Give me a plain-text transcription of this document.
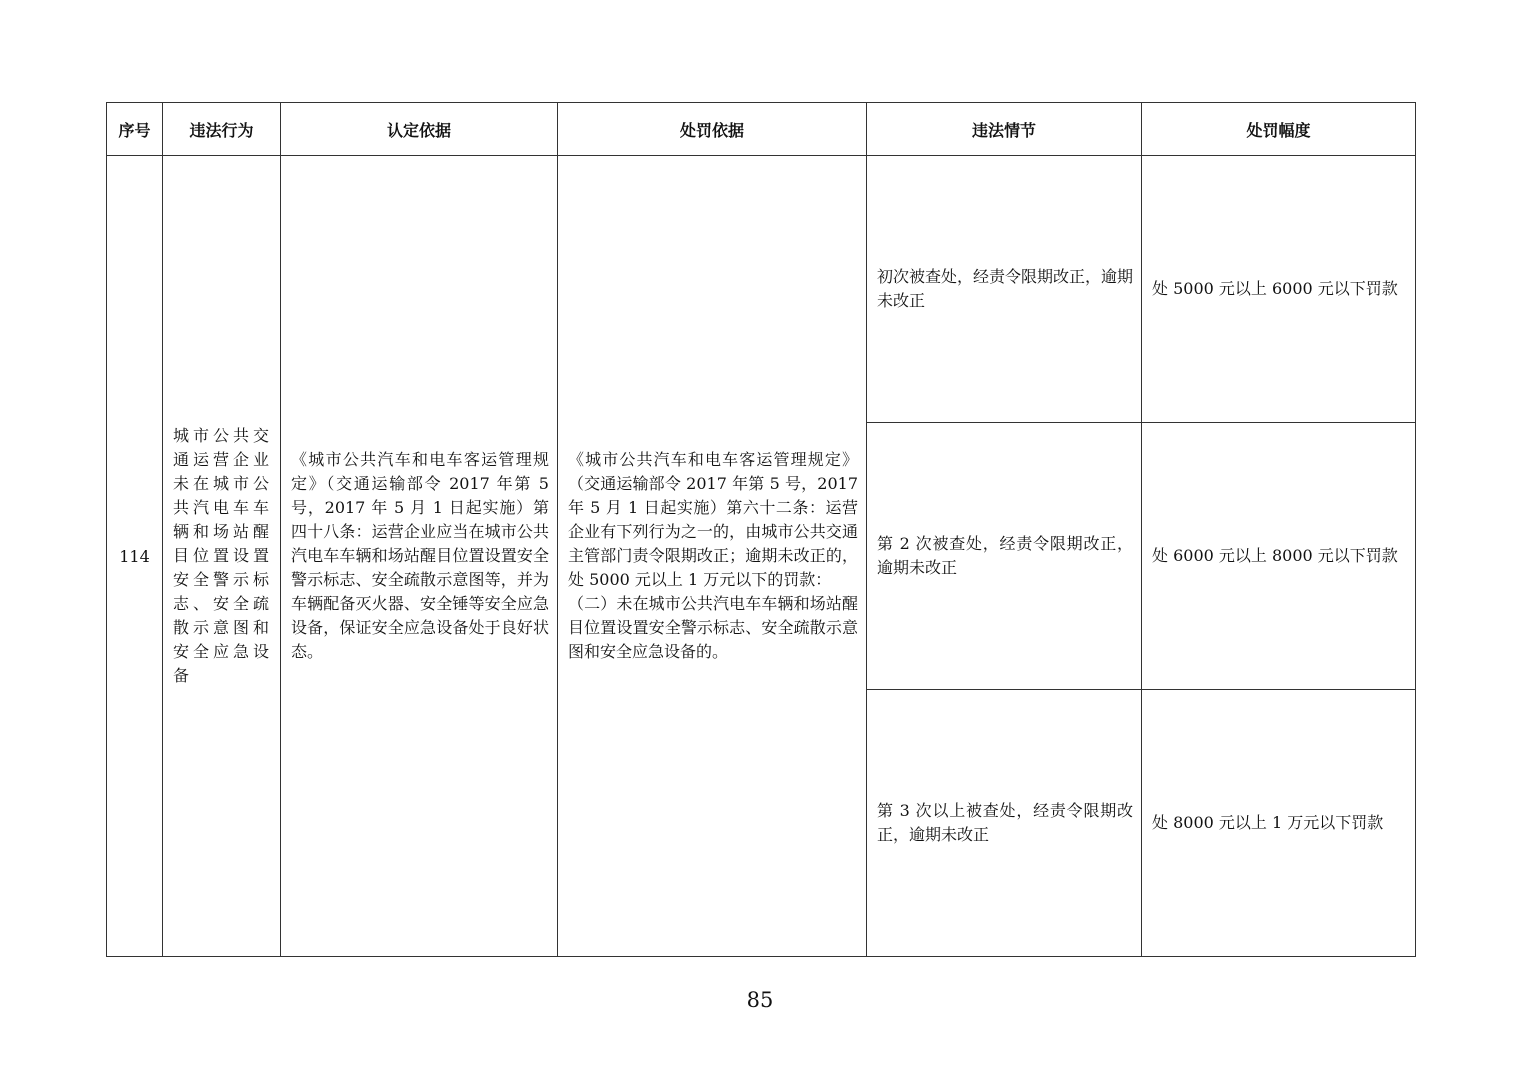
序号	违法行为	认定依据	处罚依据	违法情节	处罚幅度
114	城市公共交通运营企业未在城市公共汽电车车辆和场站醒目位置设置安全警示标志、安全疏散示意图和安全应急设备	《城市公共汽车和电车客运管理规定》（交通运输部令 2017 年第 5 号，2017 年 5 月 1 日起实施）第四十八条：运营企业应当在城市公共汽电车车辆和场站醒目位置设置安全警示标志、安全疏散示意图等，并为车辆配备灭火器、安全锤等安全应急设备，保证安全应急设备处于良好状态。	《城市公共汽车和电车客运管理规定》（交通运输部令 2017 年第 5 号，2017 年 5 月 1 日起实施）第六十二条：运营企业有下列行为之一的，由城市公共交通主管部门责令限期改正；逾期未改正的，处 5000 元以上 1 万元以下的罚款：
（二）未在城市公共汽电车车辆和场站醒目位置设置安全警示标志、安全疏散示意图和安全应急设备的。	初次被查处，经责令限期改正，逾期未改正	处 5000 元以上 6000 元以下罚款

				第 2 次被查处，经责令限期改正，逾期未改正	处 6000 元以上 8000 元以下罚款

				第 3 次以上被查处，经责令限期改正，逾期未改正	处 8000 元以上 1 万元以下罚款
85
